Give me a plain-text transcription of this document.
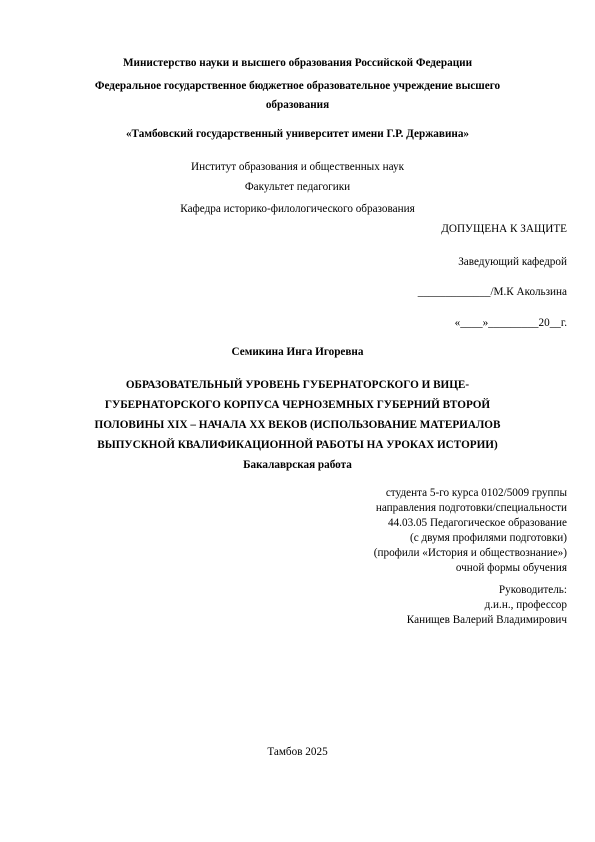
Министерство науки и высшего образования Российской Федерации
Федеральное государственное бюджетное образовательное учреждение высшего
образования
«Тамбовский государственный университет имени Г.Р. Державина»
Институт образования и общественных наук
Факультет педагогики
Кафедра историко-филологического образования
ДОПУЩЕНА К ЗАЩИТЕ
Заведующий кафедрой
_____________/М.К Акользина
«____»_________20__г.
Семикина Инга Игоревна
ОБРАЗОВАТЕЛЬНЫЙ УРОВЕНЬ ГУБЕРНАТОРСКОГО И ВИЦЕ-
ГУБЕРНАТОРСКОГО КОРПУСА ЧЕРНОЗЕМНЫХ ГУБЕРНИЙ ВТОРОЙ
ПОЛОВИНЫ XIX – НАЧАЛА XX ВЕКОВ (ИСПОЛЬЗОВАНИЕ МАТЕРИАЛОВ
ВЫПУСКНОЙ КВАЛИФИКАЦИОННОЙ РАБОТЫ НА УРОКАХ ИСТОРИИ)
Бакалаврская работа
студента 5-го курса 0102/5009 группы
направления подготовки/специальности
44.03.05 Педагогическое образование
(с двумя профилями подготовки)
(профили «История и обществознание»)
очной формы обучения
Руководитель:
д.и.н., профессор
Канищев Валерий Владимирович
Тамбов 2025
